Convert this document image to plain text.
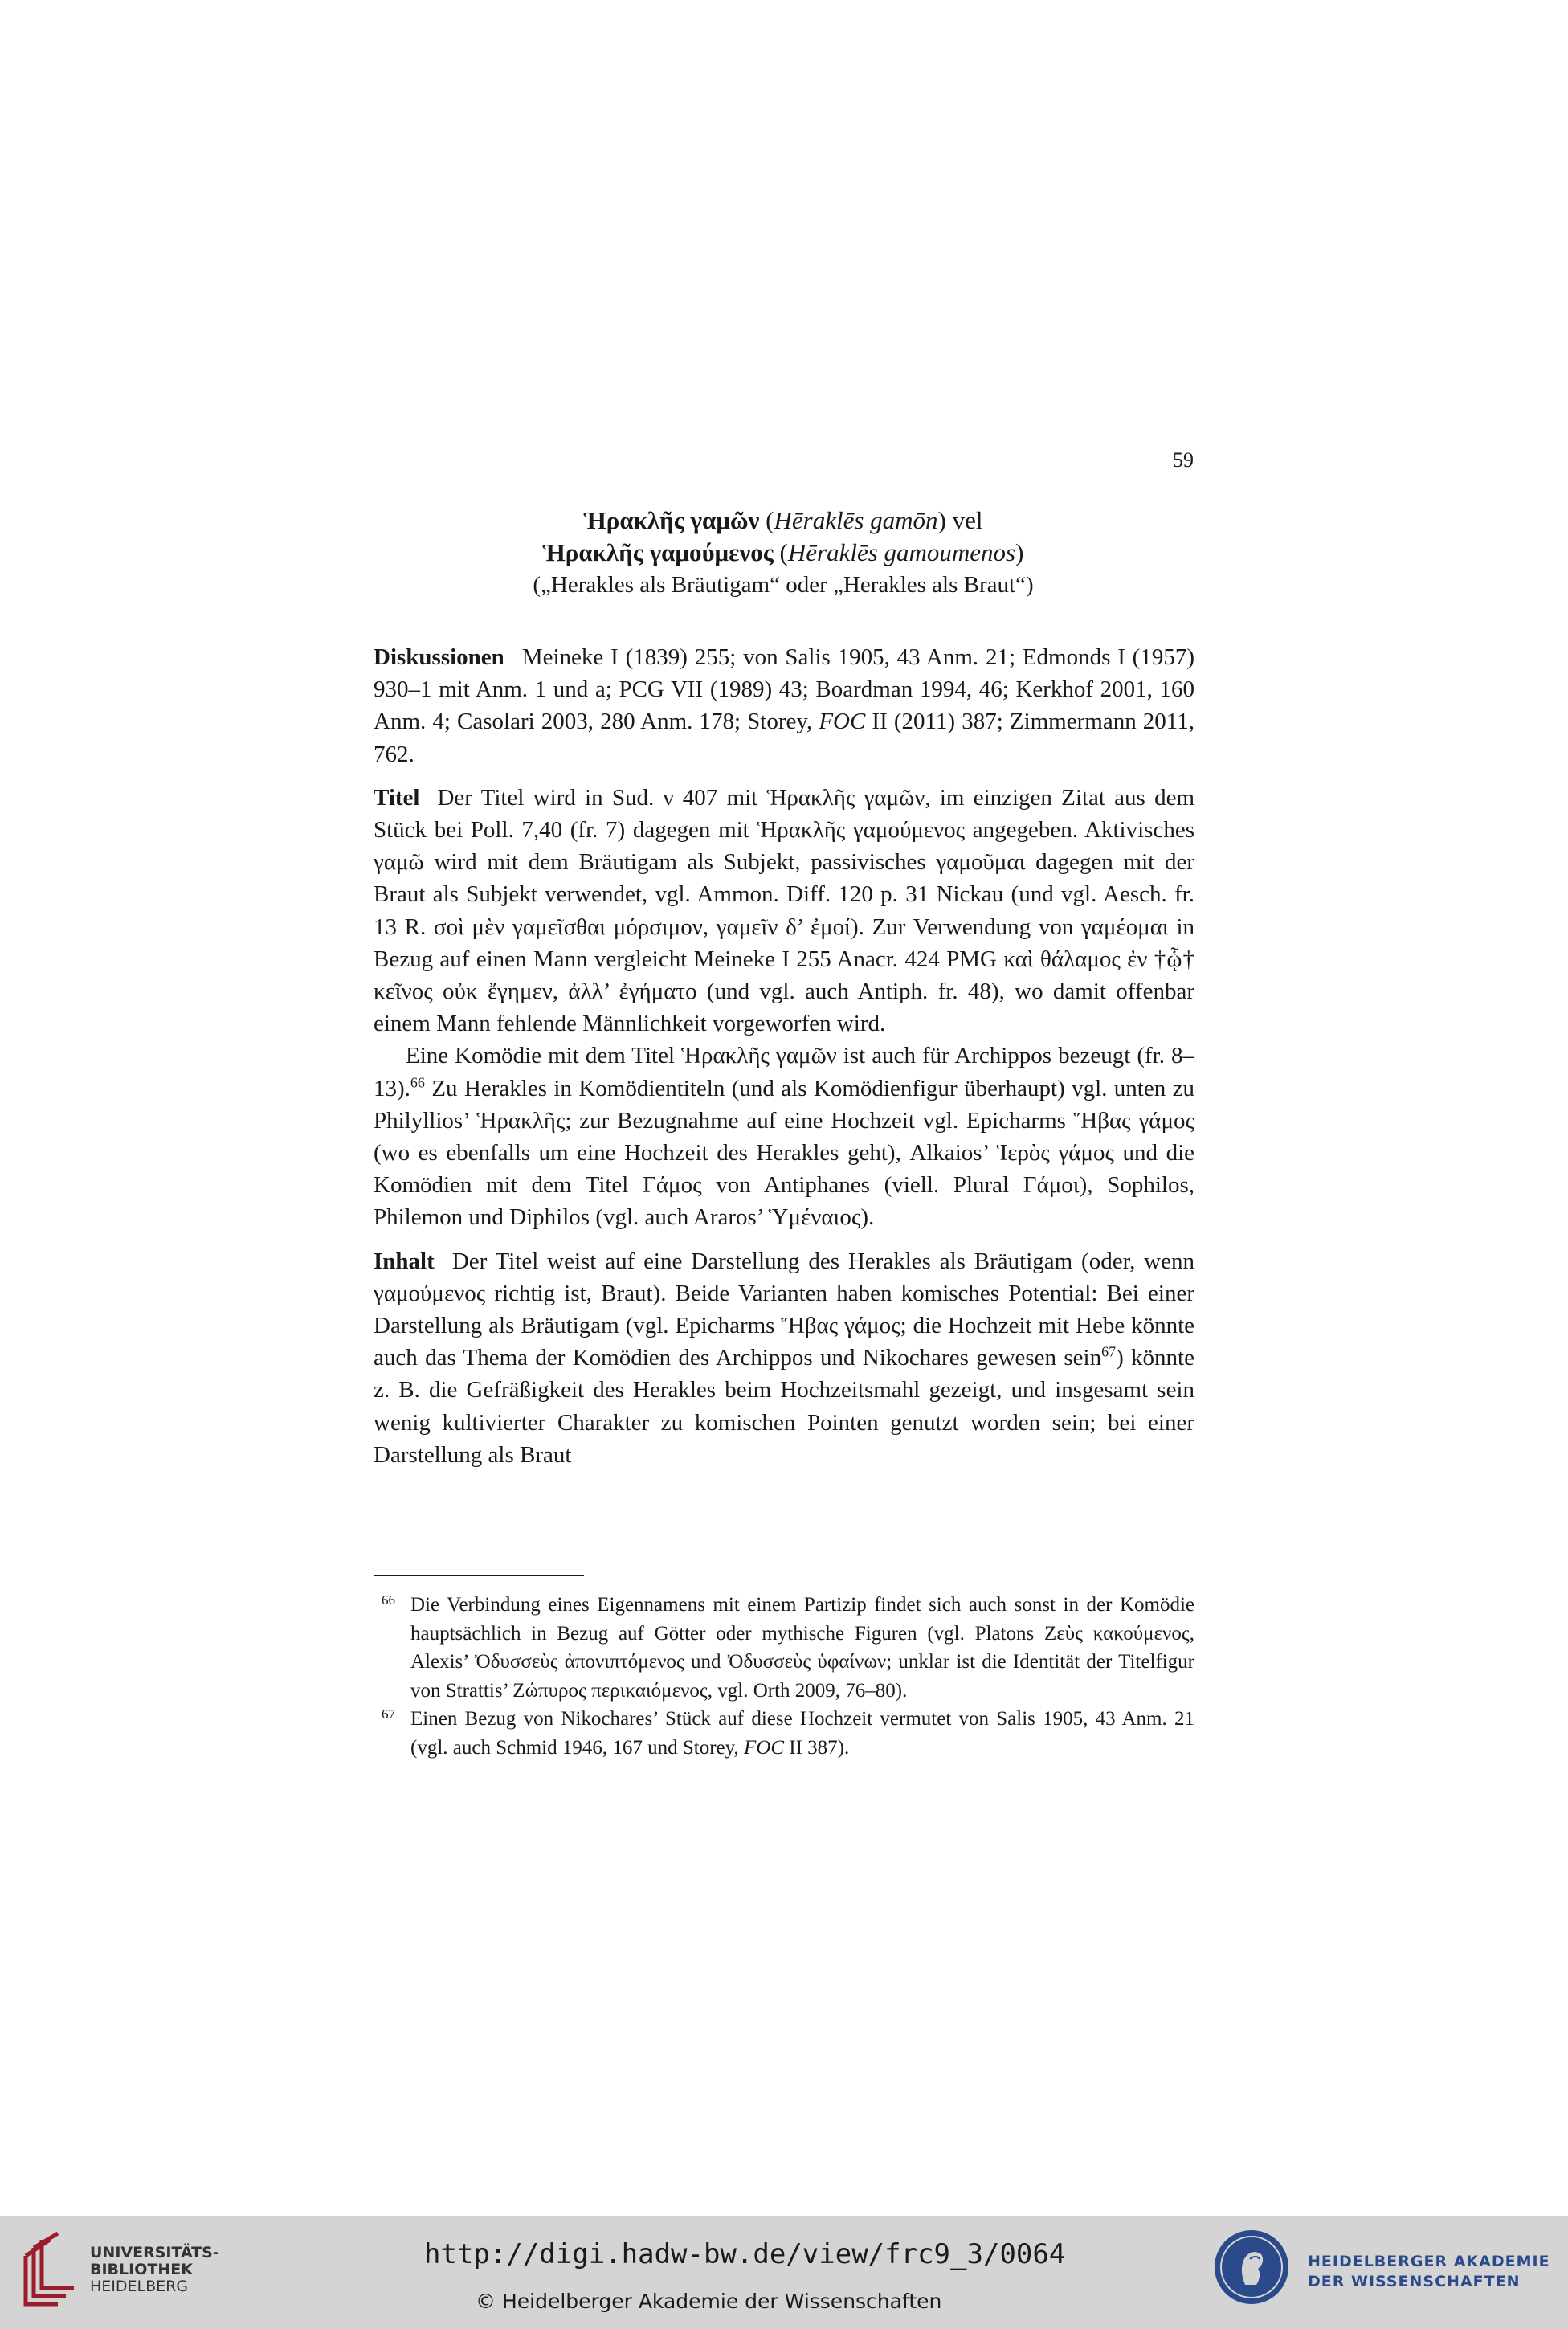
59
Ἡρακλῆς γαμῶν (Hēraklēs gamōn) vel
Ἡρακλῆς γαμούμενος (Hēraklēs gamoumenos)
(„Herakles als Bräutigam“ oder „Herakles als Braut“)

Diskussionen Meineke I (1839) 255; von Salis 1905, 43 Anm. 21; Edmonds I (1957) 930–1 mit Anm. 1 und a; PCG VII (1989) 43; Boardman 1994, 46; Kerkhof 2001, 160 Anm. 4; Casolari 2003, 280 Anm. 178; Storey, FOC II (2011) 387; Zimmermann 2011, 762.

Titel Der Titel wird in Sud. ν 407 mit Ἡρακλῆς γαμῶν, im einzigen Zitat aus dem Stück bei Poll. 7,40 (fr. 7) dagegen mit Ἡρακλῆς γαμούμενος angegeben. Aktivisches γαμῶ wird mit dem Bräutigam als Subjekt, passivisches γαμοῦμαι dagegen mit der Braut als Subjekt verwendet, vgl. Ammon. Diff. 120 p. 31 Nickau (und vgl. Aesch. fr. 13 R. σοὶ μὲν γαμεῖσθαι μόρσιμον, γαμεῖν δ’ ἐμοί). Zur Verwendung von γαμέομαι in Bezug auf einen Mann vergleicht Meineke I 255 Anacr. 424 PMG καὶ θάλαμος ἐν †ᾧ† κεῖνος οὐκ ἔγημεν, ἀλλ’ ἐγήματο (und vgl. auch Antiph. fr. 48), wo damit offenbar einem Mann fehlende Männlichkeit vorgeworfen wird.

Eine Komödie mit dem Titel Ἡρακλῆς γαμῶν ist auch für Archippos bezeugt (fr. 8–13).$^{66}$ Zu Herakles in Komödientiteln (und als Komödienfigur überhaupt) vgl. unten zu Philyllios’ Ἡρακλῆς; zur Bezugnahme auf eine Hochzeit vgl. Epicharms Ἥβας γάμος (wo es ebenfalls um eine Hochzeit des Herakles geht), Alkaios’ Ἱερὸς γάμος und die Komödien mit dem Titel Γάμος von Antiphanes (viell. Plural Γάμοι), Sophilos, Philemon und Diphilos (vgl. auch Araros’ Ὑμέναιος).

Inhalt Der Titel weist auf eine Darstellung des Herakles als Bräutigam (oder, wenn γαμούμενος richtig ist, Braut). Beide Varianten haben komisches Potential: Bei einer Darstellung als Bräutigam (vgl. Epicharms Ἥβας γάμος; die Hochzeit mit Hebe könnte auch das Thema der Komödien des Archippos und Nikochares gewesen sein$^{67}$) könnte z. B. die Gefräßigkeit des Herakles beim Hochzeitsmahl gezeigt, und insgesamt sein wenig kultivierter Charakter zu komischen Pointen genutzt worden sein; bei einer Darstellung als Braut

66 Die Verbindung eines Eigennamens mit einem Partizip findet sich auch sonst in der Komödie hauptsächlich in Bezug auf Götter oder mythische Figuren (vgl. Platons Ζεὺς κακούμενος, Alexis’ Ὀδυσσεὺς ἀπονιπτόμενος und Ὀδυσσεὺς ὑφαίνων; unklar ist die Identität der Titelfigur von Strattis’ Ζώπυρος περικαιόμενος, vgl. Orth 2009, 76–80).
67 Einen Bezug von Nikochares’ Stück auf diese Hochzeit vermutet von Salis 1905, 43 Anm. 21 (vgl. auch Schmid 1946, 167 und Storey, FOC II 387).
UNIVERSITÄTS-
BIBLIOTHEK
HEIDELBERG
http://digi.hadw-bw.de/view/frc9_3/0064
© Heidelberger Akademie der Wissenschaften
HEIDELBERGER AKADEMIE
DER WISSENSCHAFTEN
